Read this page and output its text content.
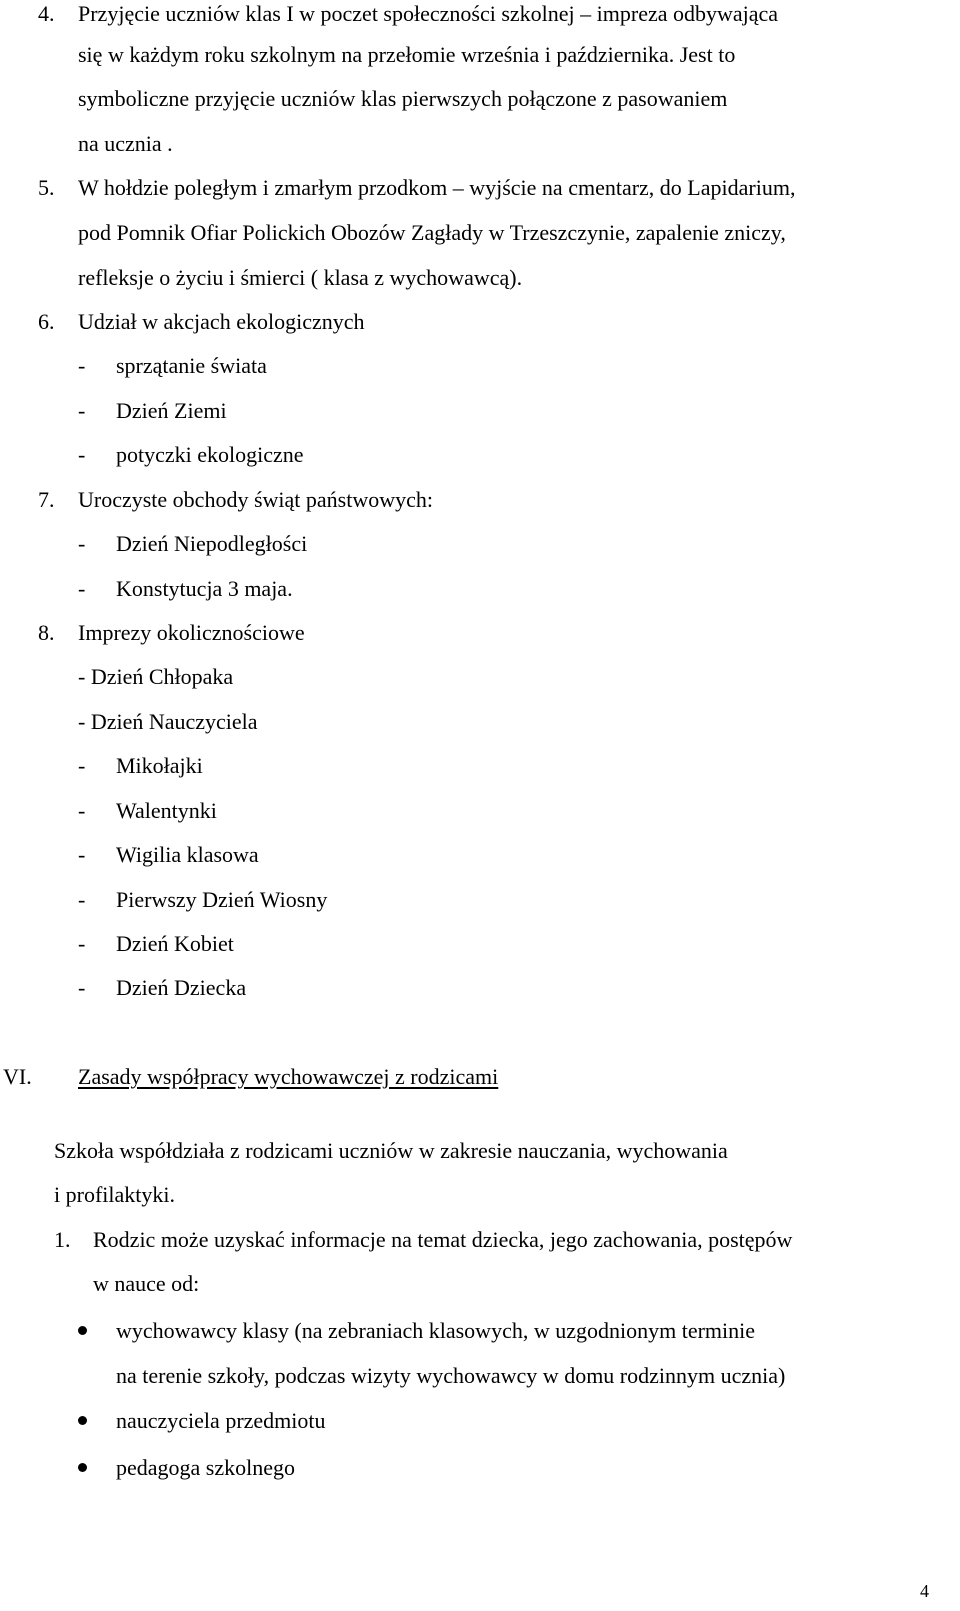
4. Przyjęcie uczniów klas I w poczet społeczności szkolnej – impreza odbywająca
się w każdym roku szkolnym na przełomie września i października. Jest to
symboliczne przyjęcie uczniów klas pierwszych połączone z pasowaniem
na ucznia .
5. W hołdzie poległym i zmarłym przodkom – wyjście na cmentarz, do Lapidarium,
pod Pomnik Ofiar Polickich Obozów Zagłady w Trzeszczynie, zapalenie zniczy,
refleksje o życiu i śmierci ( klasa z wychowawcą).
6. Udział w akcjach ekologicznych
- sprzątanie świata
- Dzień Ziemi
- potyczki ekologiczne
7. Uroczyste obchody świąt państwowych:
- Dzień Niepodległości
- Konstytucja 3 maja.
8. Imprezy okolicznościowe
- Dzień Chłopaka
- Dzień Nauczyciela
- Mikołajki
- Walentynki
- Wigilia klasowa
- Pierwszy Dzień Wiosny
- Dzień Kobiet
- Dzień Dziecka
VI. Zasady współpracy wychowawczej z rodzicami
Szkoła współdziała z rodzicami uczniów w zakresie nauczania, wychowania
i profilaktyki.
1. Rodzic może uzyskać informacje na temat dziecka, jego zachowania, postępów
w nauce od:
wychowawcy klasy (na zebraniach klasowych, w uzgodnionym terminie
na terenie szkoły, podczas wizyty wychowawcy w domu rodzinnym ucznia)
nauczyciela przedmiotu
pedagoga szkolnego
4
